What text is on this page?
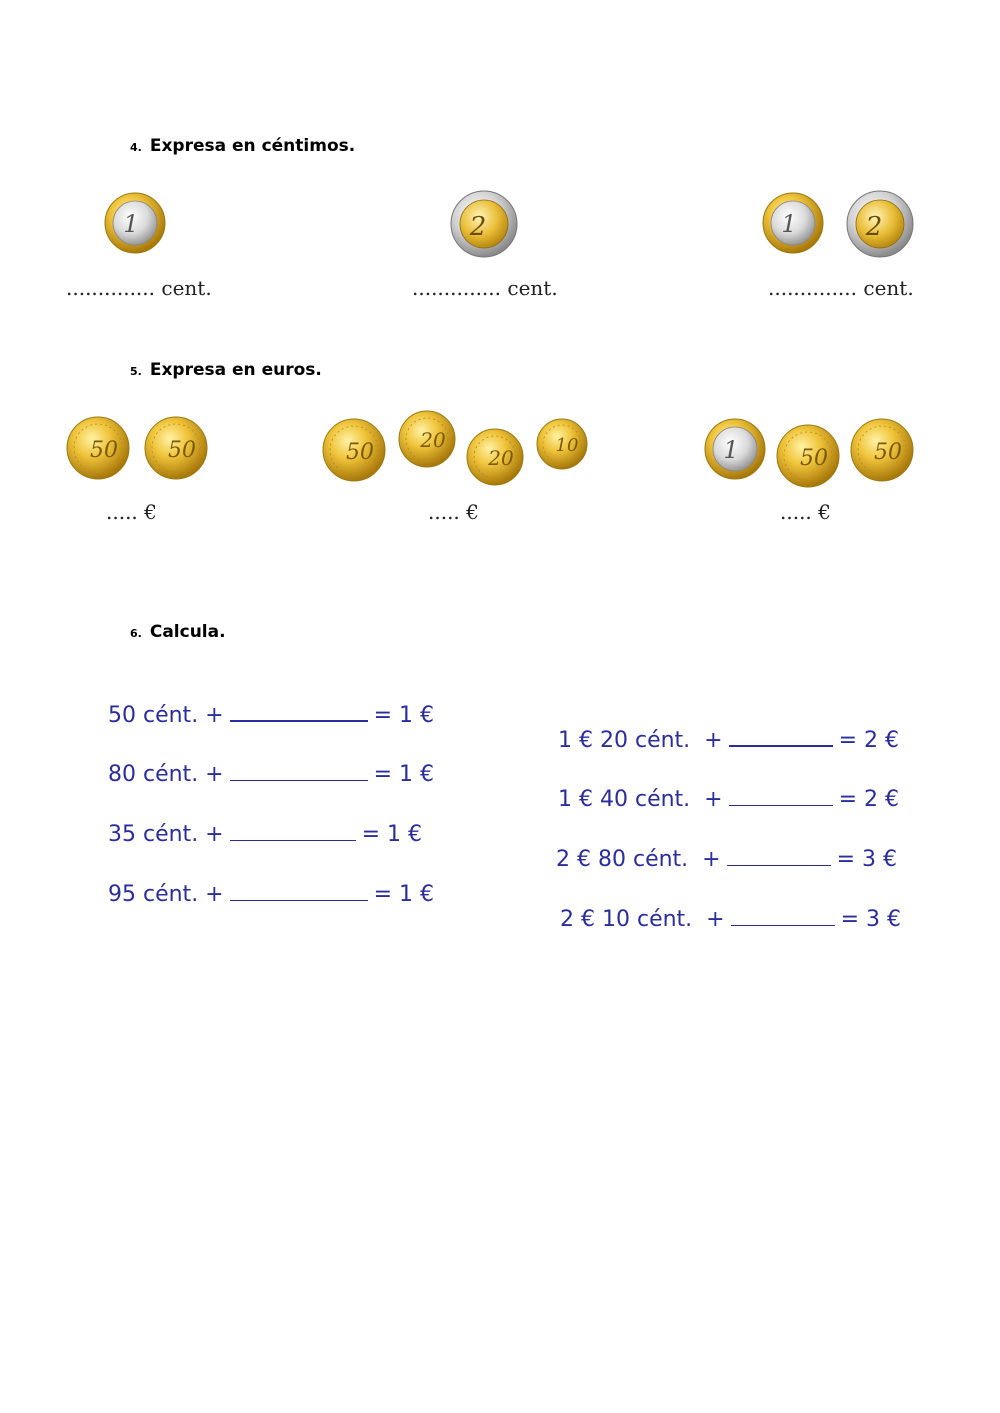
4. Expresa en céntimos.
1	2	1	2
.............. cent.	.............. cent.	.............. cent.
5. Expresa en euros.
50 50	50 20
20
10	1	50 50
..... €	..... €	..... €
6. Calcula.
50 cént. +	= 1 €
80 cént. +	= 1 €
35 cént. +	= 1 €
95 cént. +	= 1 €

1 € 20 cént.  +	= 2 €

1 € 40 cént.  +	= 2 €

2 € 80 cént.  +	= 3 €

2 € 10 cént.  +	= 3 €
